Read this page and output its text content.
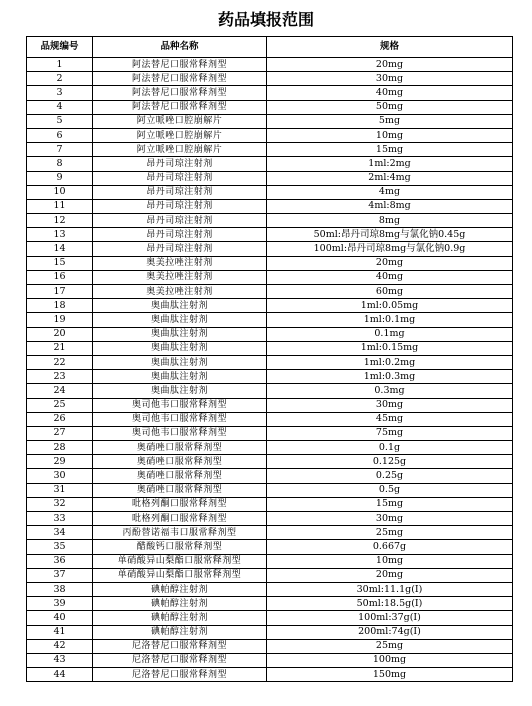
药品填报范围
品规编号	品种名称	规格
1	阿法替尼口服常释剂型	20mg
2	阿法替尼口服常释剂型	30mg
3	阿法替尼口服常释剂型	40mg
4	阿法替尼口服常释剂型	50mg
5	阿立哌唑口腔崩解片	5mg
6	阿立哌唑口腔崩解片	10mg
7	阿立哌唑口腔崩解片	15mg
8	昂丹司琼注射剂	1ml:2mg
9	昂丹司琼注射剂	2ml:4mg
10	昂丹司琼注射剂	4mg
11	昂丹司琼注射剂	4ml:8mg
12	昂丹司琼注射剂	8mg
13	昂丹司琼注射剂	50ml:昂丹司琼8mg与氯化钠0.45g
14	昂丹司琼注射剂	100ml:昂丹司琼8mg与氯化钠0.9g
15	奥美拉唑注射剂	20mg
16	奥美拉唑注射剂	40mg
17	奥美拉唑注射剂	60mg
18	奥曲肽注射剂	1ml:0.05mg
19	奥曲肽注射剂	1ml:0.1mg
20	奥曲肽注射剂	0.1mg
21	奥曲肽注射剂	1ml:0.15mg
22	奥曲肽注射剂	1ml:0.2mg
23	奥曲肽注射剂	1ml:0.3mg
24	奥曲肽注射剂	0.3mg
25	奥司他韦口服常释剂型	30mg
26	奥司他韦口服常释剂型	45mg
27	奥司他韦口服常释剂型	75mg
28	奥硝唑口服常释剂型	0.1g
29	奥硝唑口服常释剂型	0.125g
30	奥硝唑口服常释剂型	0.25g
31	奥硝唑口服常释剂型	0.5g
32	吡格列酮口服常释剂型	15mg
33	吡格列酮口服常释剂型	30mg
34	丙酚替诺福韦口服常释剂型	25mg
35	醋酸钙口服常释剂型	0.667g
36	单硝酸异山梨酯口服常释剂型	10mg
37	单硝酸异山梨酯口服常释剂型	20mg
38	碘帕醇注射剂	30ml:11.1g(I)
39	碘帕醇注射剂	50ml:18.5g(I)
40	碘帕醇注射剂	100ml:37g(I)
41	碘帕醇注射剂	200ml:74g(I)
42	尼洛替尼口服常释剂型	25mg
43	尼洛替尼口服常释剂型	100mg
44	尼洛替尼口服常释剂型	150mg
